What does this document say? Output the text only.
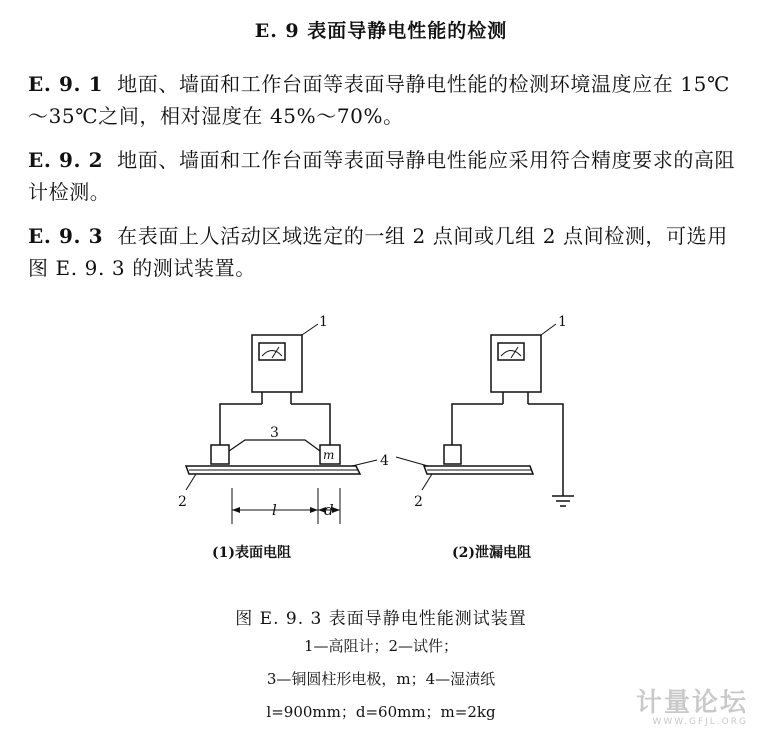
E. 9 表面导静电性能的检测
E. 9. 1 地面、墙面和工作台面等表面导静电性能的检测环境温度应在 15℃～35℃之间，相对湿度在 45%～70%。
E. 9. 2 地面、墙面和工作台面等表面导静电性能应采用符合精度要求的高阻计检测。
E. 9. 3 在表面上人活动区域选定的一组 2 点间或几组 2 点间检测，可选用图 E. 9. 3 的测试装置。
1
3
4
2
m
l	d
(1)表面电阻
1
2
(2)泄漏电阻
图 E. 9. 3 表面导静电性能测试装置
1—高阻计；2—试件；
3—铜圆柱形电极，m；4—湿渍纸
l=900mm；d=60mm；m=2kg	计量论坛
WWW.GFJL.ORG
